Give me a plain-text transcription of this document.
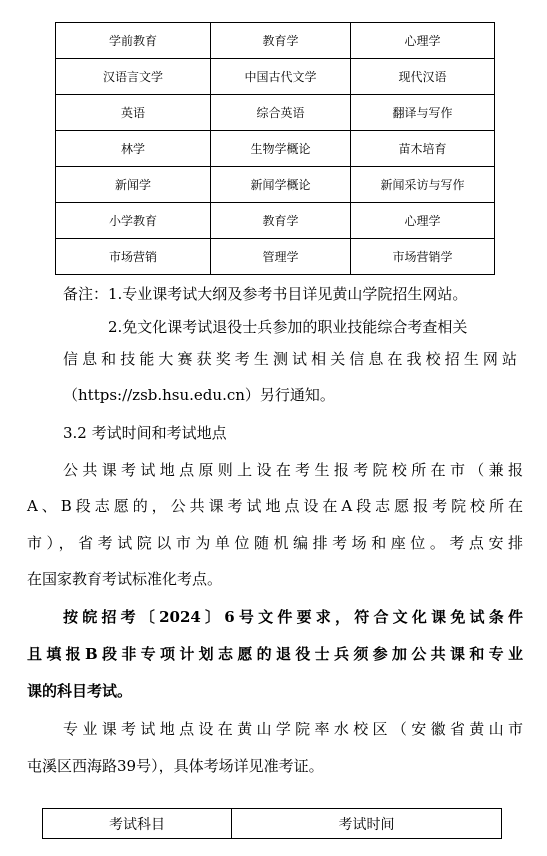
学前教育	教育学	心理学
汉语言文学	中国古代文学	现代汉语
英语	综合英语	翻译与写作
林学	生物学概论	苗木培育
新闻学	新闻学概论	新闻采访与写作
小学教育	教育学	心理学
市场营销	管理学	市场营销学
备注：1.专业课考试大纲及参考书目详见黄山学院招生网站。
2.免文化课考试退役士兵参加的职业技能综合考查相关
信息和技能大赛获奖考生测试相关信息在我校招生网站
（https://zsb.hsu.edu.cn）另行通知。
3.2 考试时间和考试地点
公共课考试地点原则上设在考生报考院校所在市（兼报
A、B段志愿的，公共课考试地点设在A段志愿报考院校所在
市），省考试院以市为单位随机编排考场和座位。考点安排
在国家教育考试标准化考点。
按皖招考〔2024〕6号文件要求，符合文化课免试条件
且填报B段非专项计划志愿的退役士兵须参加公共课和专业
课的科目考试。
专业课考试地点设在黄山学院率水校区（安徽省黄山市
屯溪区西海路39号），具体考场详见准考证。
考试科目	考试时间
